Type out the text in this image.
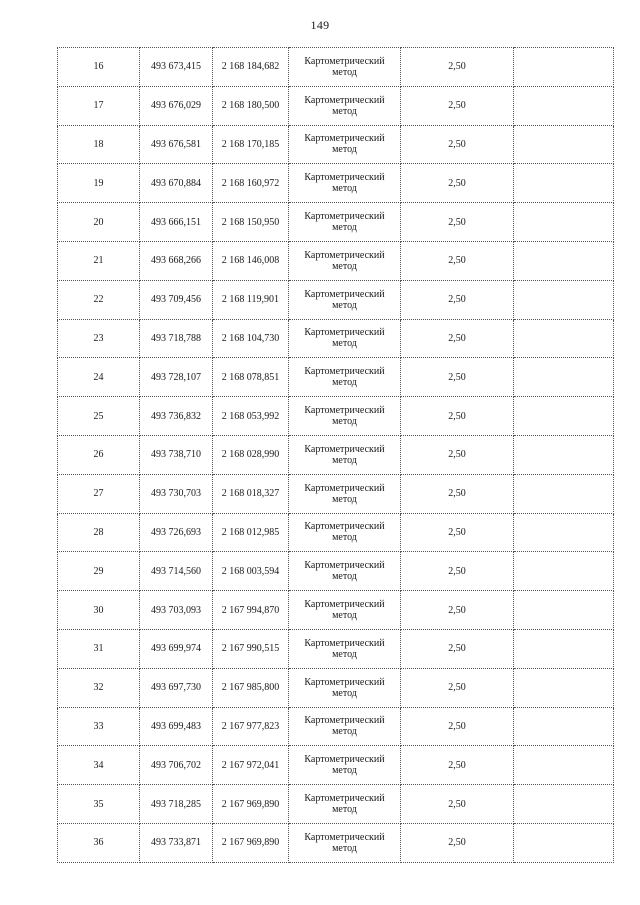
149
16	493 673,415	2 168 184,682	Картометрический
метод	2,50	
17	493 676,029	2 168 180,500	Картометрический
метод	2,50	
18	493 676,581	2 168 170,185	Картометрический
метод	2,50	
19	493 670,884	2 168 160,972	Картометрический
метод	2,50	
20	493 666,151	2 168 150,950	Картометрический
метод	2,50	
21	493 668,266	2 168 146,008	Картометрический
метод	2,50	
22	493 709,456	2 168 119,901	Картометрический
метод	2,50	
23	493 718,788	2 168 104,730	Картометрический
метод	2,50	
24	493 728,107	2 168 078,851	Картометрический
метод	2,50	
25	493 736,832	2 168 053,992	Картометрический
метод	2,50	
26	493 738,710	2 168 028,990	Картометрический
метод	2,50	
27	493 730,703	2 168 018,327	Картометрический
метод	2,50	
28	493 726,693	2 168 012,985	Картометрический
метод	2,50	
29	493 714,560	2 168 003,594	Картометрический
метод	2,50	
30	493 703,093	2 167 994,870	Картометрический
метод	2,50	
31	493 699,974	2 167 990,515	Картометрический
метод	2,50	
32	493 697,730	2 167 985,800	Картометрический
метод	2,50	
33	493 699,483	2 167 977,823	Картометрический
метод	2,50	
34	493 706,702	2 167 972,041	Картометрический
метод	2,50	
35	493 718,285	2 167 969,890	Картометрический
метод	2,50	
36	493 733,871	2 167 969,890	Картометрический
метод	2,50	
